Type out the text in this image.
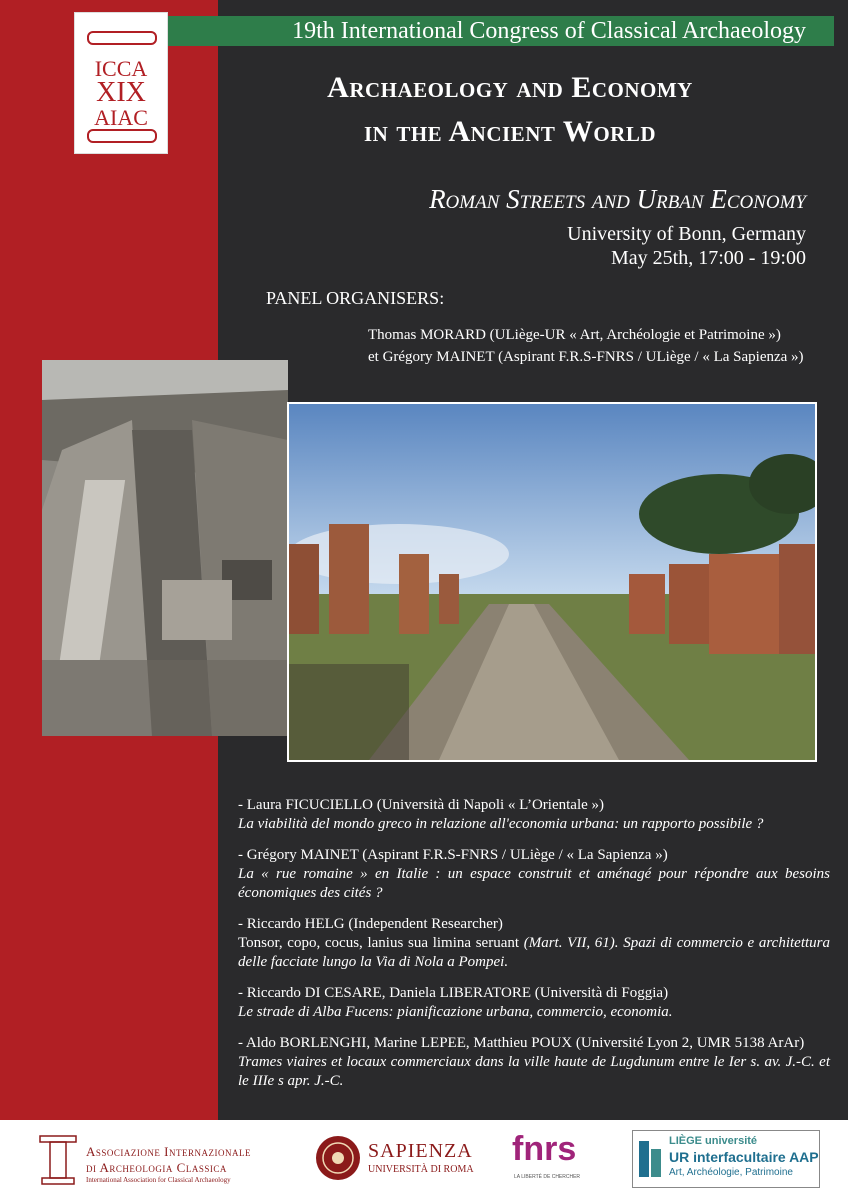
19th International Congress of Classical Archaeology
ICCA
XIX
AIAC
Archaeology and Economy
in the Ancient World
Roman Streets and Urban Economy
University of Bonn, Germany
May 25th, 17:00 - 19:00
PANEL ORGANISERS:
Thomas MORARD (ULiège-UR « Art, Archéologie et Patrimoine »)
et Grégory MAINET (Aspirant F.R.S-FNRS / ULiège / « La Sapienza »)
- Laura FICUCIELLO (Università di Napoli « L’Orientale »)
La viabilità del mondo greco in relazione all'economia urbana: un rapporto possibile ?
- Grégory MAINET (Aspirant F.R.S-FNRS / ULiège / « La Sapienza »)
La « rue romaine » en Italie : un espace construit et aménagé pour répondre aux besoins économiques des cités ?
- Riccardo HELG (Independent Researcher)
Tonsor, copo, cocus, lanius sua limina seruant (Mart. VII, 61). Spazi di commercio e architettura delle facciate lungo la Via di Nola a Pompei.
- Riccardo DI CESARE, Daniela LIBERATORE (Università di Foggia)
Le strade di Alba Fucens: pianificazione urbana, commercio, economia.
- Aldo BORLENGHI, Marine LEPEE, Matthieu POUX (Université Lyon 2, UMR 5138 ArAr)
Trames viaires et locaux commerciaux dans la ville haute de Lugdunum entre le Ier s. av. J.-C. et le IIIe s apr. J.-C.
Associazione Internazionale
di Archeologia Classica
International Association for Classical Archaeology
SAPIENZA
UNIVERSITÀ DI ROMA
fnrs
LA LIBERTÉ DE CHERCHER
LIÈGE université
UR interfacultaire AAP
Art, Archéologie, Patrimoine
